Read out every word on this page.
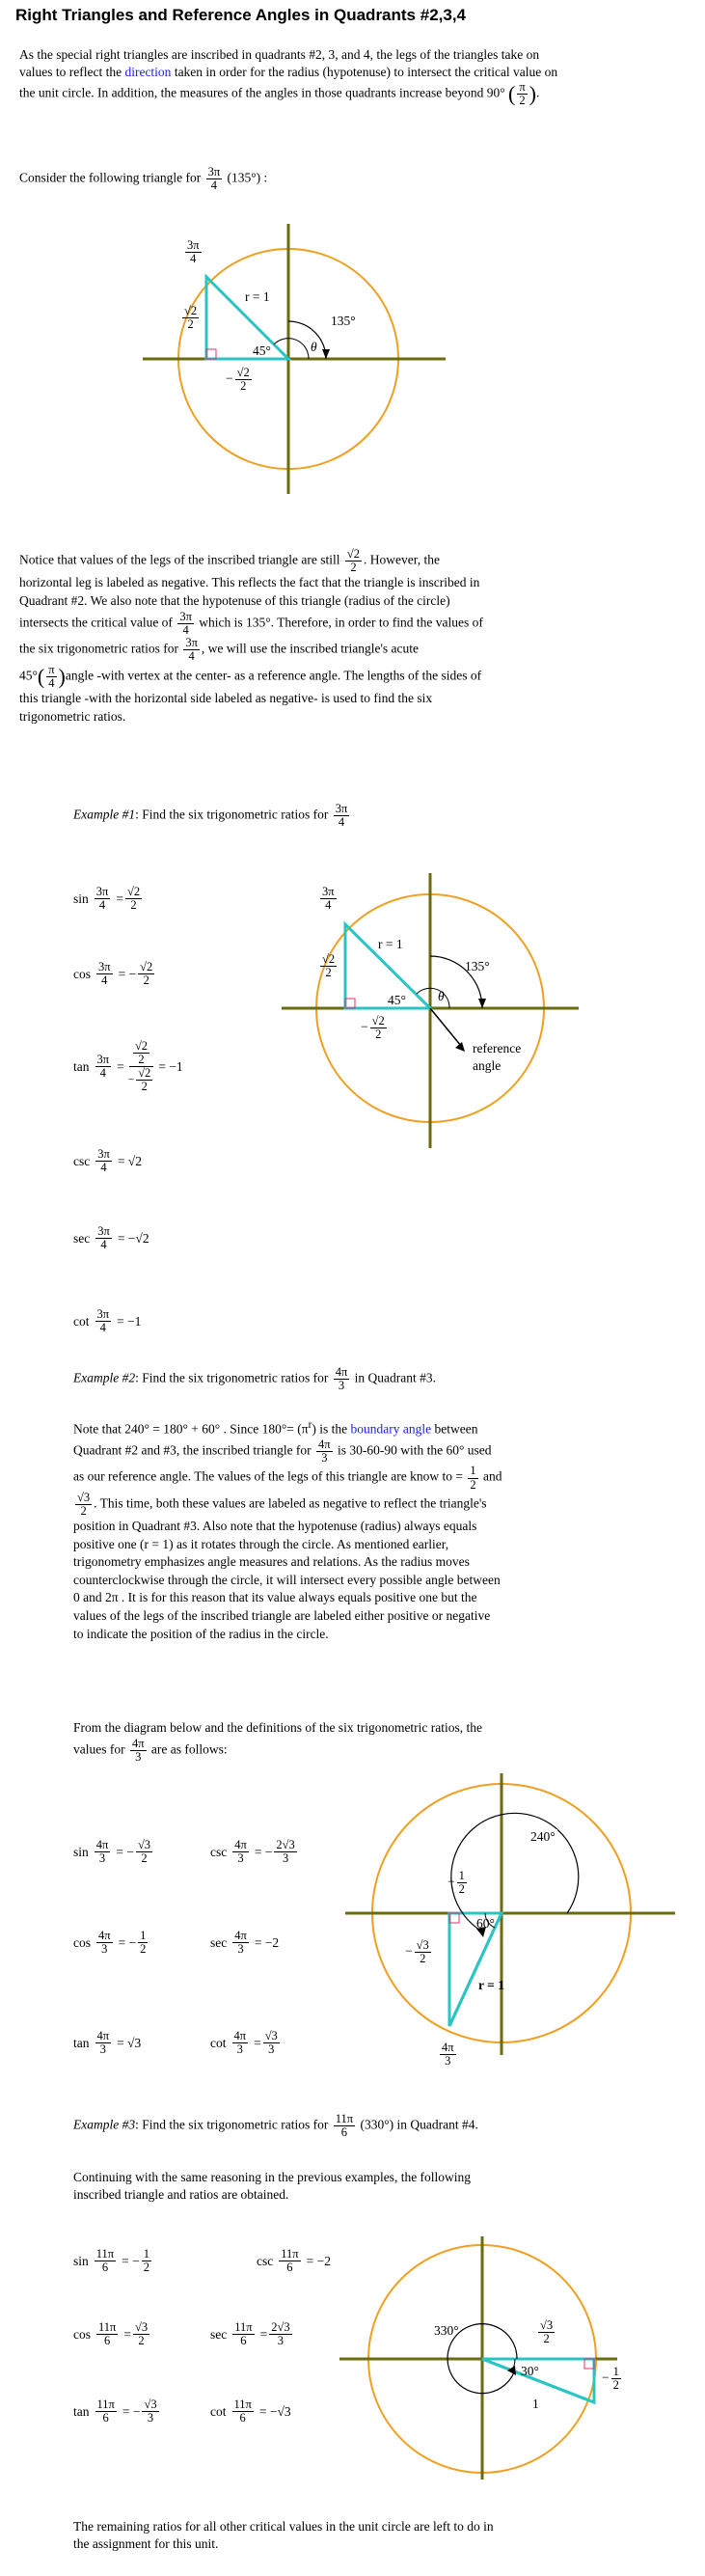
Right Triangles and Reference Angles in Quadrants #2,3,4
As the special right triangles are inscribed in quadrants #2, 3, and 4, the legs of the triangles take on values to reflect the direction taken in order for the radius (hypotenuse) to intersect the critical value on the unit circle. In addition, the measures of the angles in those quadrants increase beyond 90° ( $\frac{\pi}{2}$ ).
Consider the following triangle for $\frac{3\pi}{4} (135^\circ)$ :
$\frac{3\pi}{4}$
$\frac{√2}{2}$
− $\frac{√2}{2}$
r = 1
45°
135°
θ
Notice that values of the legs of the inscribed triangle are still $\frac{√2}{2}$ . However, the
horizontal leg is labeled as negative. This reflects the fact that the triangle is inscribed in
Quadrant #2. We also note that the hypotenuse of this triangle (radius of the circle)
intersects the critical value of $\frac{3\pi}{4}$ which is 135°. Therefore, in order to find the values of
the six trigonometric ratios for $\frac{3\pi}{4}$ , we will use the inscribed triangle's acute
$45^\circ( \frac{\pi}{4}$ )angle -with vertex at the center- as a reference angle. The lengths of the sides of
this triangle -with the horizontal side labeled as negative- is used to find the six
trigonometric ratios.
Example #1: Find the six trigonometric ratios for $\frac{3\pi}{4}$
$\sin \frac{3\pi}{4} = \frac{√2}{2}$
$\cos \frac{3\pi}{4}$ = − $\frac{√2}{2}$
$\tan \frac{3\pi}{4} = \frac{\frac{√2}{2}}{- \frac{√2}{2}} = -1$
$\csc \frac{3\pi}{4} = √2$
$\sec \frac{3\pi}{4} = -√2$
$\cot \frac{3\pi}{4} = -1$
$\frac{3\pi}{4}$
$\frac{√2}{2}$
− $\frac{√2}{2}$
r = 1
45°
135°
θ
reference
angle
Example #2: Find the six trigonometric ratios for $\frac{4\pi}{3}$ in Quadrant #3.
Note that 240° = 180° + 60° . Since $180^\circ= (\pi^r)$ is the boundary angle between
Quadrant #2 and #3, the inscribed triangle for $\frac{4\pi}{3}$ is 30-60-90 with the 60° used
as our reference angle. The values of the legs of this triangle are know to = $\frac{1}{2}$ and
$\frac{√3}{2}$ . This time, both these values are labeled as negative to reflect the triangle's
position in Quadrant #3. Also note that the hypotenuse (radius) always equals
positive one (r = 1) as it rotates through the circle. As mentioned earlier,
trigonometry emphasizes angle measures and relations. As the radius moves
counterclockwise through the circle, it will intersect every possible angle between
0 and 2π . It is for this reason that its value always equals positive one but the
values of the legs of the inscribed triangle are labeled either positive or negative
to indicate the position of the radius in the circle.
From the diagram below and the definitions of the six trigonometric ratios, the
values for $\frac{4\pi}{3}$ are as follows:
$\sin \frac{4\pi}{3}$ = − $\frac{√3}{2}$	$\csc \frac{4\pi}{3}$ = − $\frac{2√3}{3}$
$\cos \frac{4\pi}{3}$ = − $\frac{1}{2}$	$\sec \frac{4\pi}{3} = -2$
$\tan \frac{4\pi}{3} = √3$	$\cot \frac{4\pi}{3} = \frac{√3}{3}$
240°
− $\frac{1}{2}$
60°
− $\frac{√3}{2}$
r = 1
$\frac{4\pi}{3}$
Example #3: Find the six trigonometric ratios for $\frac{11\pi}{6} (330^\circ)$ in Quadrant #4.
Continuing with the same reasoning in the previous examples, the following
inscribed triangle and ratios are obtained.
$\sin \frac{11\pi}{6}$ = − $\frac{1}{2}$	$\csc \frac{11\pi}{6} = -2$
$\cos \frac{11\pi}{6} = \frac{√3}{2}$	$\sec \frac{11\pi}{6} = \frac{2√3}{3}$
$\tan \frac{11\pi}{6}$ = − $\frac{√3}{3}$	$\cot \frac{11\pi}{6} = -√3$
330°	$\frac{√3}{2}$
30°
1
− $\frac{1}{2}$
The remaining ratios for all other critical values in the unit circle are left to do in
the assignment for this unit.
